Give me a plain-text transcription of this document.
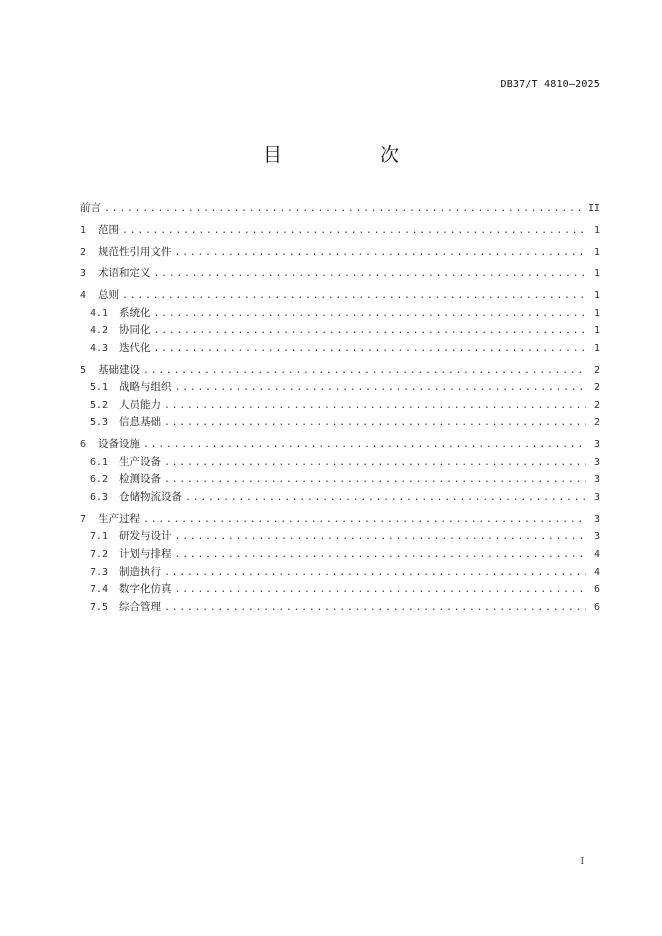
DB37/T 4810—2025
目 次
前言 .....	II
1	范围 .....	1
2	规范性引用文件 .....	1
3	术语和定义 .....	1
4	总则 .....	1
4.1	系统化 .....	1
4.2	协同化 .....	1
4.3	迭代化 .....	1
5	基础建设 .....	2
5.1	战略与组织 .....	2
5.2	人员能力 .....	2
5.3	信息基础 .....	2
6	设备设施 .....	3
6.1	生产设备 .....	3
6.2	检测设备 .....	3
6.3	仓储物流设备 .....	3
7	生产过程 .....	3
7.1	研发与设计 .....	3
7.2	计划与排程 .....	4
7.3	制造执行 .....	4
7.4	数字化仿真 .....	6
7.5	综合管理 .....	6
I
